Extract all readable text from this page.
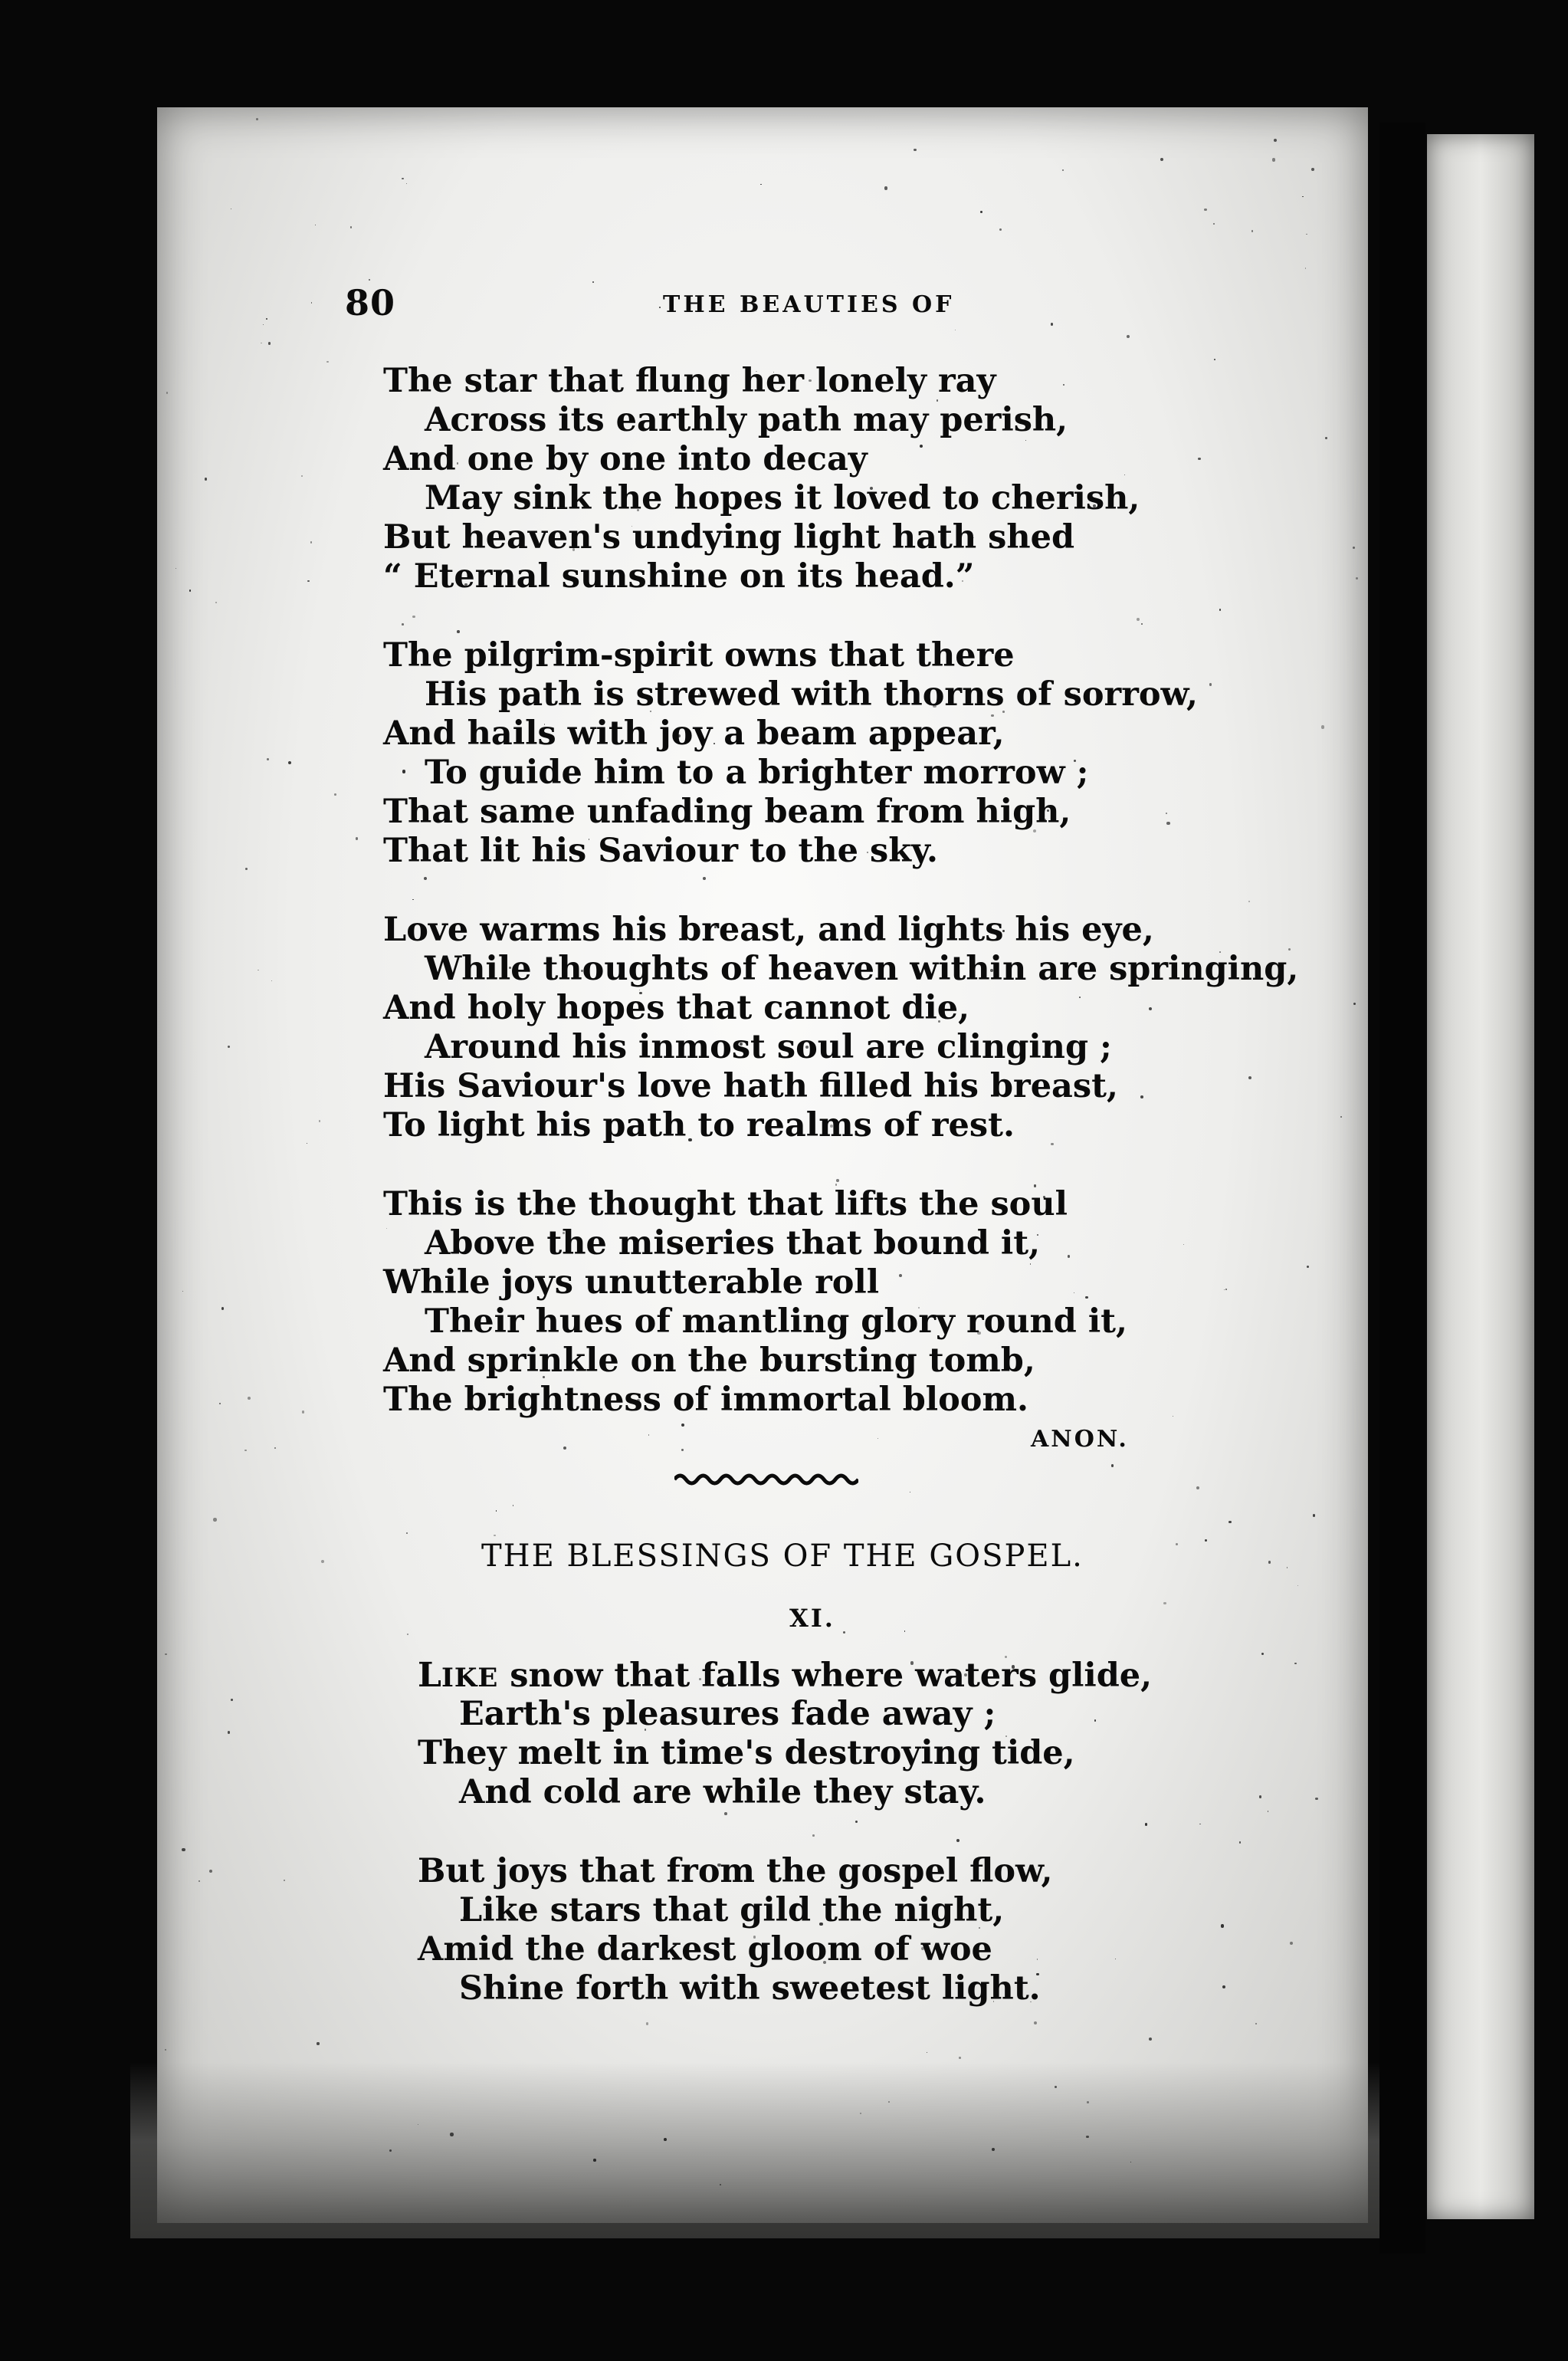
80	THE BEAUTIES OF
The star that flung her lonely ray
Across its earthly path may perish,
And one by one into decay
May sink the hopes it loved to cherish,
But heaven's undying light hath shed
“ Eternal sunshine on its head.”
The pilgrim-spirit owns that there
His path is strewed with thorns of sorrow,
And hails with joy a beam appear,
To guide him to a brighter morrow ;
That same unfading beam from high,
That lit his Saviour to the sky.
Love warms his breast, and lights his eye,
While thoughts of heaven within are springing,
And holy hopes that cannot die,
Around his inmost soul are clinging ;
His Saviour's love hath filled his breast,
To light his path to realms of rest.
This is the thought that lifts the soul
Above the miseries that bound it,
While joys unutterable roll
Their hues of mantling glory round it,
And sprinkle on the bursting tomb,
The brightness of immortal bloom.
ANON.
THE BLESSINGS OF THE GOSPEL.
XI.
LIKE snow that falls where waters glide,
Earth's pleasures fade away ;
They melt in time's destroying tide,
And cold are while they stay.
But joys that from the gospel flow,
Like stars that gild the night,
Amid the darkest gloom of woe
Shine forth with sweetest light.
